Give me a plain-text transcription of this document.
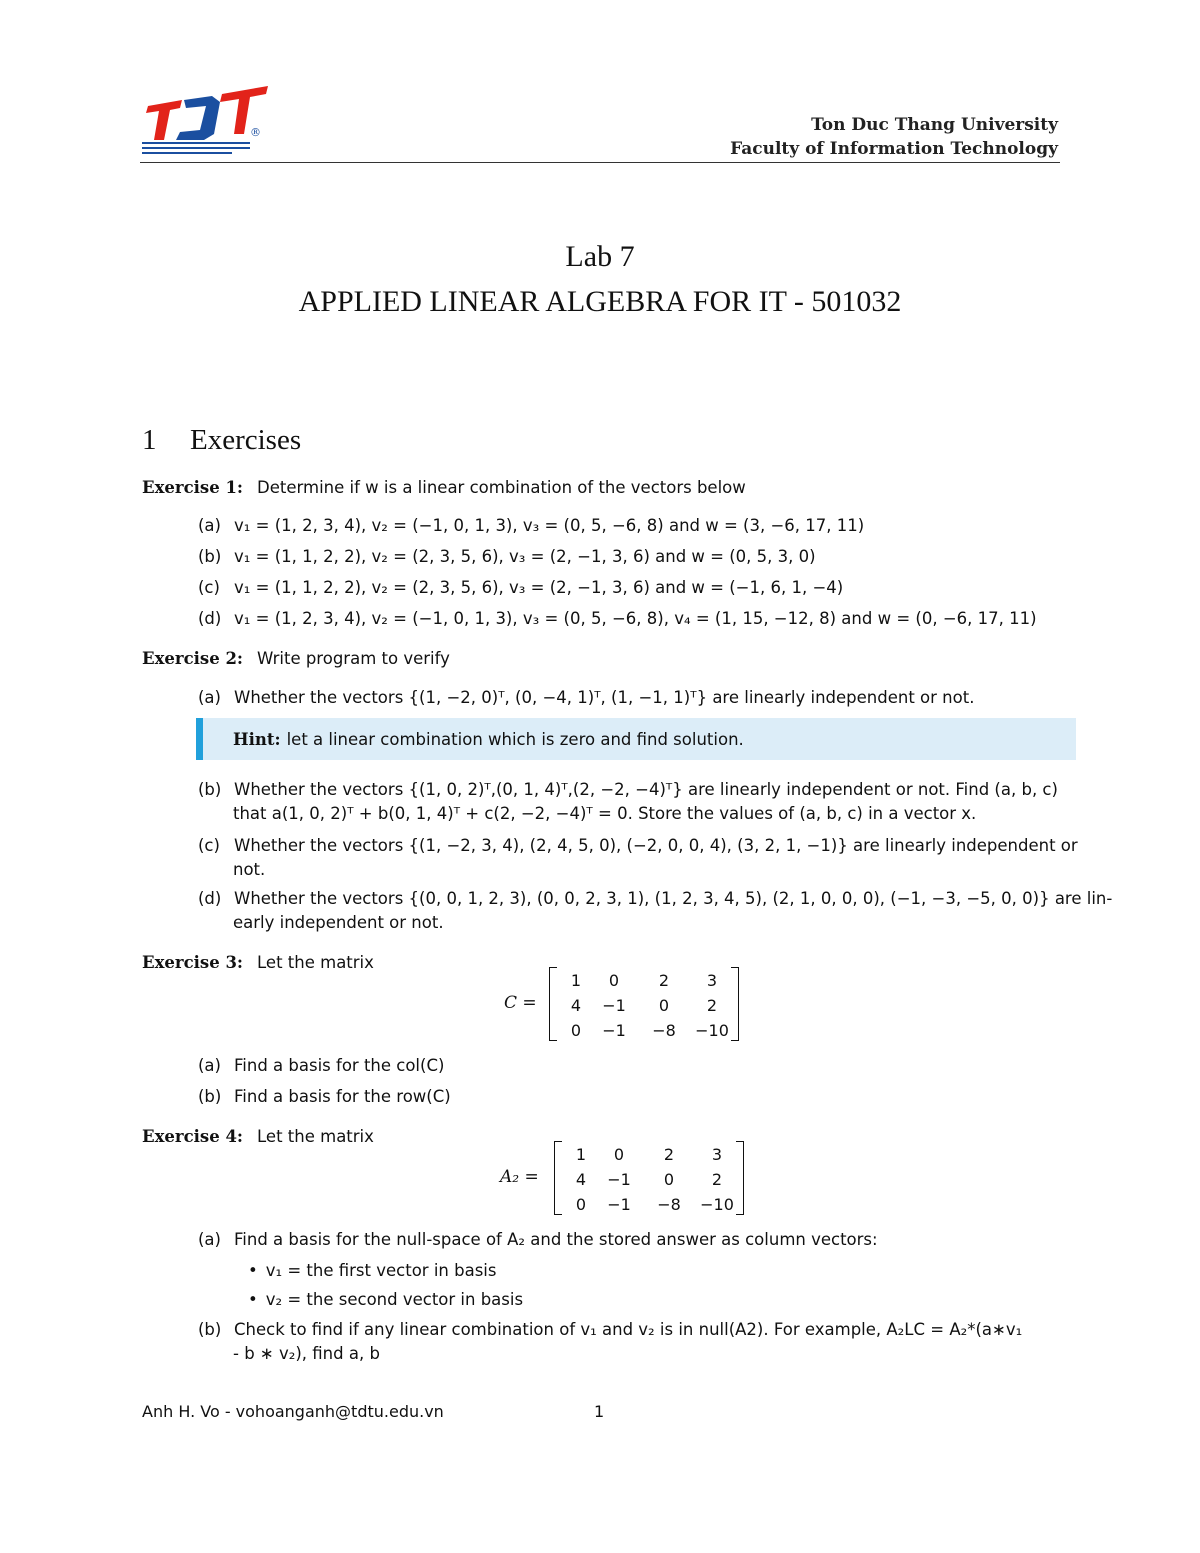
®	Ton Duc Thang University
Faculty of Information Technology
Lab 7
APPLIED LINEAR ALGEBRA FOR IT - 501032
1 Exercises
Exercise 1: Determine if w is a linear combination of the vectors below
(a) v₁ = (1, 2, 3, 4), v₂ = (−1, 0, 1, 3), v₃ = (0, 5, −6, 8) and w = (3, −6, 17, 11)
(b) v₁ = (1, 1, 2, 2), v₂ = (2, 3, 5, 6), v₃ = (2, −1, 3, 6) and w = (0, 5, 3, 0)
(c) v₁ = (1, 1, 2, 2), v₂ = (2, 3, 5, 6), v₃ = (2, −1, 3, 6) and w = (−1, 6, 1, −4)
(d) v₁ = (1, 2, 3, 4), v₂ = (−1, 0, 1, 3), v₃ = (0, 5, −6, 8), v₄ = (1, 15, −12, 8) and w = (0, −6, 17, 11)
Exercise 2: Write program to verify
(a) Whether the vectors {(1, −2, 0)ᵀ, (0, −4, 1)ᵀ, (1, −1, 1)ᵀ} are linearly independent or not.
Hint: let a linear combination which is zero and find solution.
(b) Whether the vectors {(1, 0, 2)ᵀ,(0, 1, 4)ᵀ,(2, −2, −4)ᵀ} are linearly independent or not. Find (a, b, c)
that a(1, 0, 2)ᵀ + b(0, 1, 4)ᵀ + c(2, −2, −4)ᵀ = 0. Store the values of (a, b, c) in a vector x.
(c) Whether the vectors {(1, −2, 3, 4), (2, 4, 5, 0), (−2, 0, 0, 4), (3, 2, 1, −1)} are linearly independent or
not.
(d) Whether the vectors {(0, 0, 1, 2, 3), (0, 0, 2, 3, 1), (1, 2, 3, 4, 5), (2, 1, 0, 0, 0), (−1, −3, −5, 0, 0)} are lin-
early independent or not.
Exercise 3: Let the matrix
C =
1	0	2	3
4	−1	0	2
0	−1	−8	−10
(a) Find a basis for the col(C)
(b) Find a basis for the row(C)
Exercise 4: Let the matrix
A₂ =
1	0	2	3
4	−1	0	2
0	−1	−8	−10
(a) Find a basis for the null-space of A₂ and the stored answer as column vectors:
• v₁ = the first vector in basis
• v₂ = the second vector in basis
(b) Check to find if any linear combination of v₁ and v₂ is in null(A2). For example, A₂LC = A₂*(a∗v₁
- b ∗ v₂), find a, b
Anh H. Vo - vohoanganh@tdtu.edu.vn	1
